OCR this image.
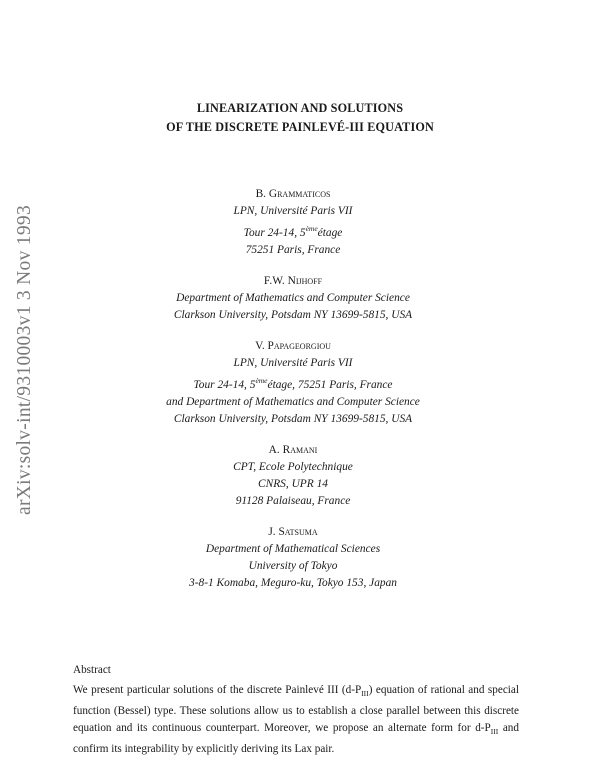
arXiv:solv-int/9310003v1 3 Nov 1993
LINEARIZATION AND SOLUTIONS
OF THE DISCRETE PAINLEVÉ-III EQUATION
B. Grammaticos
LPN, Université Paris VII
Tour 24-14, 5èmeétage
75251 Paris, France
F.W. Nijhoff
Department of Mathematics and Computer Science
Clarkson University, Potsdam NY 13699-5815, USA
V. Papageorgiou
LPN, Université Paris VII
Tour 24-14, 5èmeétage, 75251 Paris, France
and Department of Mathematics and Computer Science
Clarkson University, Potsdam NY 13699-5815, USA
A. Ramani
CPT, Ecole Polytechnique
CNRS, UPR 14
91128 Palaiseau, France
J. Satsuma
Department of Mathematical Sciences
University of Tokyo
3-8-1 Komaba, Meguro-ku, Tokyo 153, Japan
Abstract

We present particular solutions of the discrete Painlevé III $(d-P_{III})$ equation of rational and special function (Bessel) type. These solutions allow us to establish a close parallel between this discrete equation and its continuous counterpart. Moreover, we propose an alternate form for $d-P_{III}$ and confirm its integrability by explicitly deriving its Lax pair.
